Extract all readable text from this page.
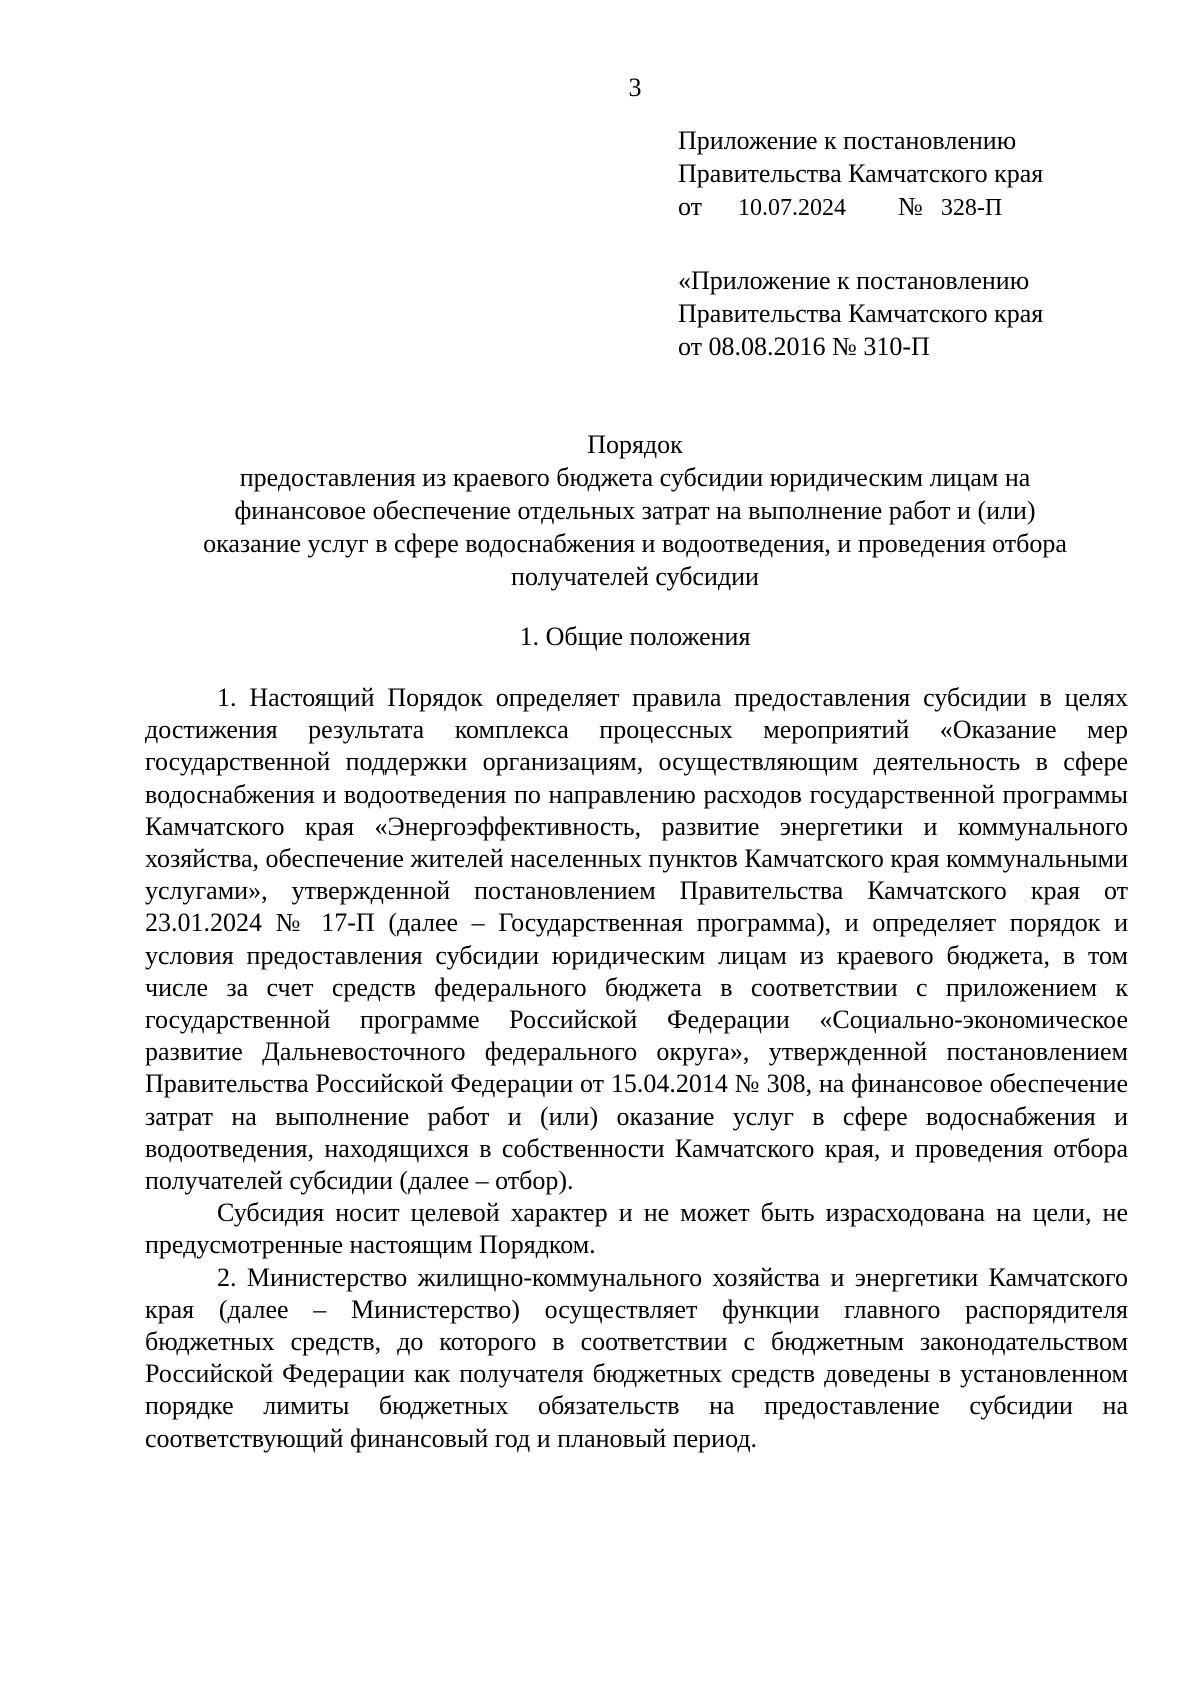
3
Приложение к постановлению
Правительства Камчатского края
от 10.07.2024 № 328-П
«Приложение к постановлению
Правительства Камчатского края
от 08.08.2016 № 310-П
Порядок
предоставления из краевого бюджета субсидии юридическим лицам на
финансовое обеспечение отдельных затрат на выполнение работ и (или)
оказание услуг в сфере водоснабжения и водоотведения, и проведения отбора
получателей субсидии
1. Общие положения

1. Настоящий Порядок определяет правила предоставления субсидии в целях достижения результата комплекса процессных мероприятий «Оказание мер государственной поддержки организациям, осуществляющим деятельность в сфере водоснабжения и водоотведения по направлению расходов государственной программы Камчатского края «Энергоэффективность, развитие энергетики и коммунального хозяйства, обеспечение жителей населенных пунктов Камчатского края коммунальными услугами», утвержденной постановлением Правительства Камчатского края от 23.01.2024 № 17-П (далее – Государственная программа), и определяет порядок и условия предоставления субсидии юридическим лицам из краевого бюджета, в том числе за счет средств федерального бюджета в соответствии с приложением к государственной программе Российской Федерации «Социально-экономическое развитие Дальневосточного федерального округа», утвержденной постановлением Правительства Российской Федерации от 15.04.2014 № 308, на финансовое обеспечение затрат на выполнение работ и (или) оказание услуг в сфере водоснабжения и водоотведения, находящихся в собственности Камчатского края, и проведения отбора получателей субсидии (далее – отбор).

Субсидия носит целевой характер и не может быть израсходована на цели, не предусмотренные настоящим Порядком.

2. Министерство жилищно-коммунального хозяйства и энергетики Камчатского края (далее – Министерство) осуществляет функции главного распорядителя бюджетных средств, до которого в соответствии с бюджетным законодательством Российской Федерации как получателя бюджетных средств доведены в установленном порядке лимиты бюджетных обязательств на предоставление субсидии на соответствующий финансовый год и плановый период.
